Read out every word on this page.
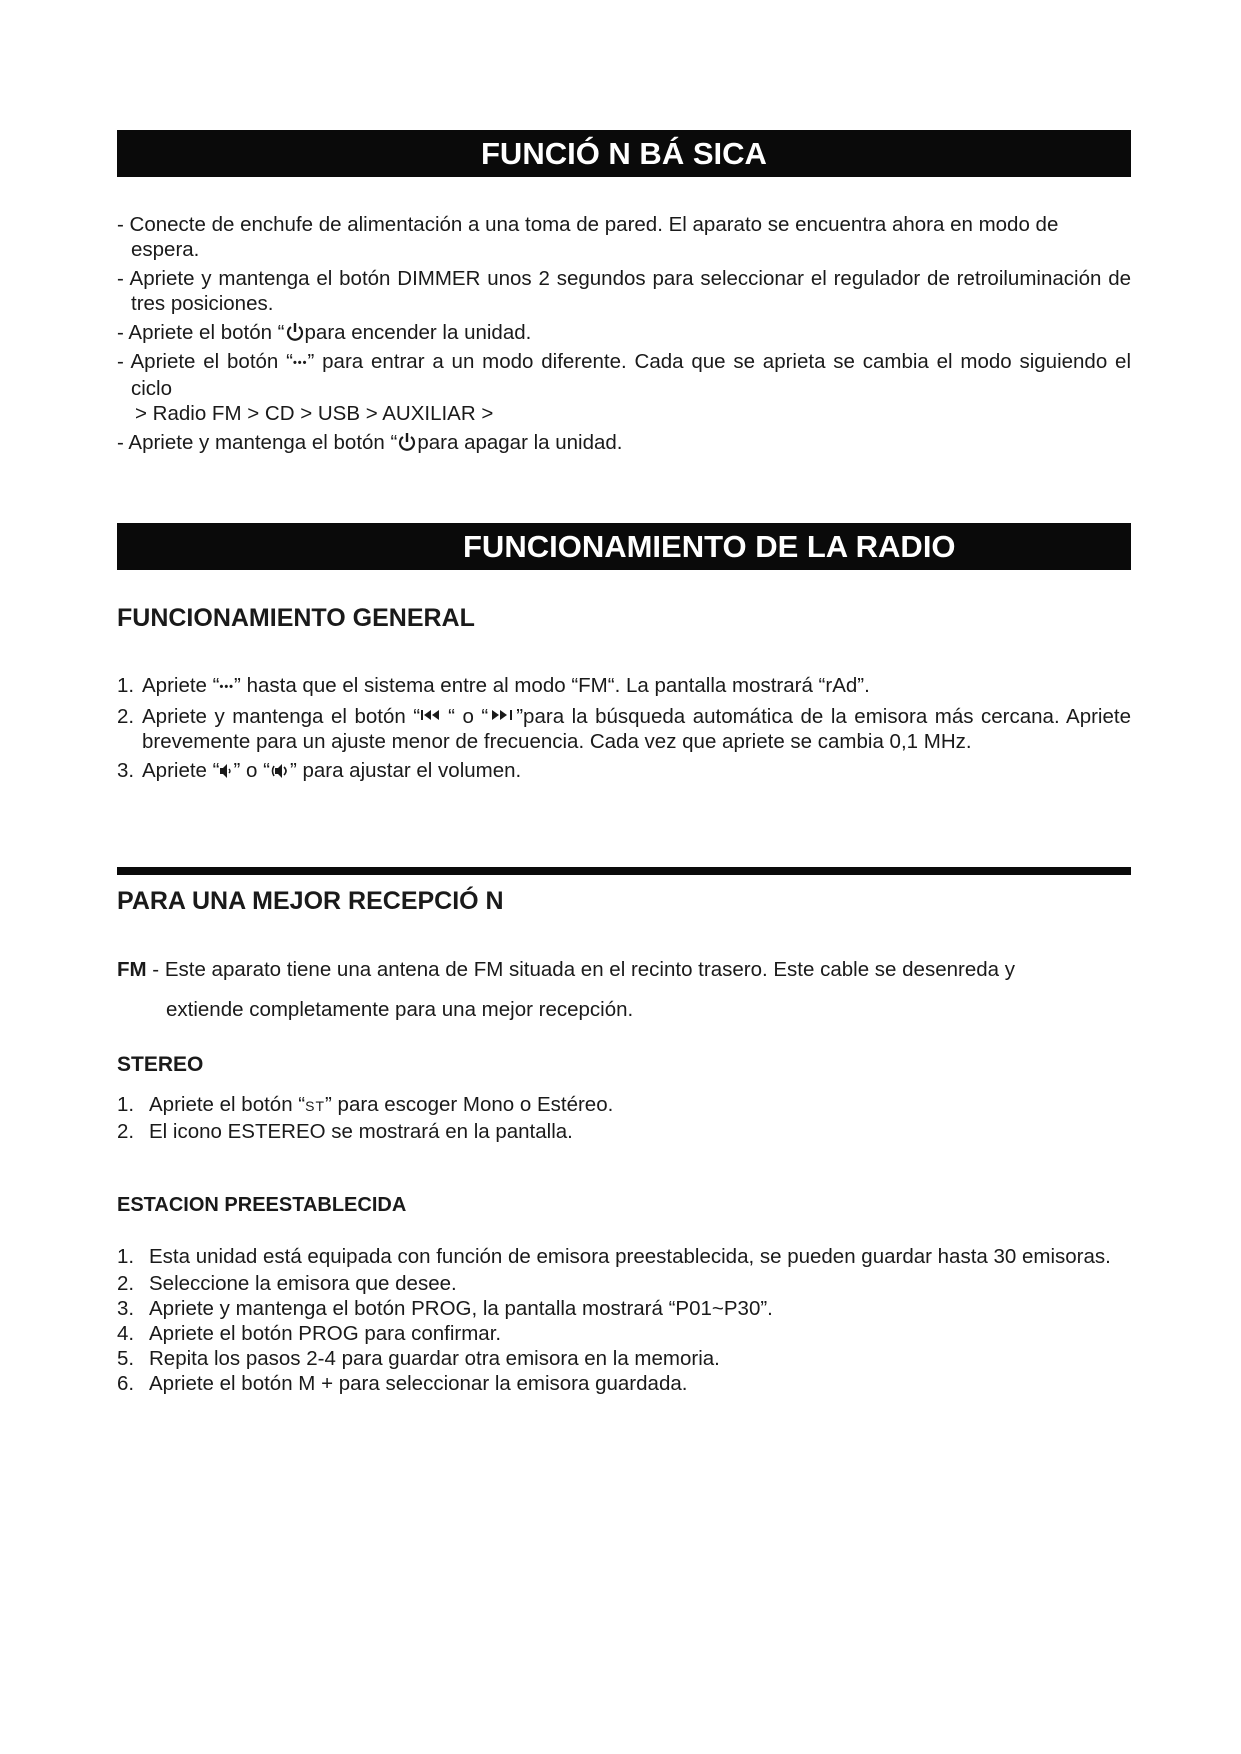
FUNCIÓ N BÁ SICA

- Conecte de enchufe de alimentación a una toma de pared. El aparato se encuentra ahora en modo de espera.

- Apriete y mantenga el botón DIMMER unos 2 segundos para seleccionar el regulador de retroiluminación de tres posiciones.

- Apriete el botón “ para encender la unidad.

- Apriete el botón “•••” para entrar a un modo diferente. Cada que se aprieta se cambia el modo siguiendo el ciclo

> Radio FM > CD > USB > AUXILIAR >

- Apriete y mantenga el botón “ para apagar la unidad.

FUNCIONAMIENTO DE LA RADIO
FUNCIONAMIENTO GENERAL
1. Apriete “•••” hasta que el sistema entre al modo “FM“. La pantalla mostrará “rAd”.
2. Apriete y mantenga el botón “ “ o “ ”para la búsqueda automática de la emisora más cercana. Apriete brevemente para un ajuste menor de frecuencia. Cada vez que apriete se cambia 0,1 MHz.
3. Apriete “ ” o “ ” para ajustar el volumen.
PARA UNA MEJOR RECEPCIÓ N

FM - Este aparato tiene una antena de FM situada en el recinto trasero. Este cable se desenreda y

extiende completamente para una mejor recepción.

STEREO
1. Apriete el botón “ST” para escoger Mono o Estéreo.
2. El icono ESTEREO se mostrará en la pantalla.
ESTACION PREESTABLECIDA
1. Esta unidad está equipada con función de emisora preestablecida, se pueden guardar hasta 30 emisoras.
2. Seleccione la emisora que desee.
3. Apriete y mantenga el botón PROG, la pantalla mostrará “P01~P30”.
4. Apriete el botón PROG para confirmar.
5. Repita los pasos 2-4 para guardar otra emisora en la memoria.
6. Apriete el botón M + para seleccionar la emisora guardada.
